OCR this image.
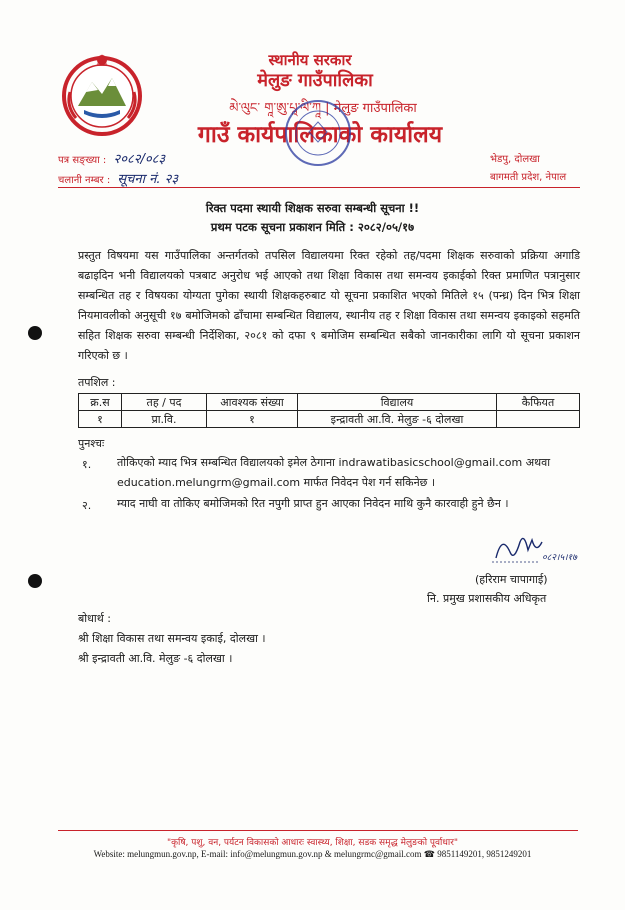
स्थानीय सरकार
मेलुङ गाउँपालिका
མེ་ལུང་ གཱ་ཨུ་པཱ་ལི་ཀཱ | मेलुङ गाउँपालिका
गाउँ कार्यपालिकाको कार्यालय
पत्र सङ्ख्या : २०८२/०८३
चलानी नम्बर : सूचना नं. २३
भेडपु, दोलखा
बागमती प्रदेश, नेपाल
रिक्त पदमा स्थायी शिक्षक सरुवा सम्बन्धी सूचना !!
प्रथम पटक सूचना प्रकाशन मिति : २०८२/०५/१७
प्रस्तुत विषयमा यस गाउँपालिका अन्तर्गतको तपसिल विद्यालयमा रिक्त रहेको तह/पदमा शिक्षक सरुवाको प्रक्रिया अगाडि बढाइदिन भनी विद्यालयको पत्रबाट अनुरोध भई आएको तथा शिक्षा विकास तथा समन्वय इकाईको रिक्त प्रमाणित पत्रानुसार सम्बन्धित तह र विषयका योग्यता पुगेका स्थायी शिक्षकहरुबाट यो सूचना प्रकाशित भएको मितिले १५ (पन्ध्र) दिन भित्र शिक्षा नियमावलीको अनुसूची १७ बमोजिमको ढाँचामा सम्बन्धित विद्यालय, स्थानीय तह र शिक्षा विकास तथा समन्वय इकाइको सहमति सहित शिक्षक सरुवा सम्बन्धी निर्देशिका, २०८१ को दफा ९ बमोजिम सम्बन्धित सबैको जानकारीका लागि यो सूचना प्रकाशन गरिएको छ ।
तपशिल :
क्र.स	तह / पद	आवश्यक संख्या	विद्यालय	कैफियत
१	प्रा.वि.	१	इन्द्रावती आ.वि. मेलुङ -६ दोलखा	
पुनश्चः
१. तोकिएको म्याद भित्र सम्बन्धित विद्यालयको इमेल ठेगाना indrawatibasicschool@gmail.com अथवा
education.melungrm@gmail.com मार्फत निवेदन पेश गर्न सकिनेछ ।
२. म्याद नाघी वा तोकिए बमोजिमको रित नपुगी प्राप्त हुन आएका निवेदन माथि कुनै कारवाही हुने छैन ।
०८२।५।१७
(हरिराम चापागाई)
नि. प्रमुख प्रशासकीय अधिकृत
बोधार्थ :
श्री शिक्षा विकास तथा समन्वय इकाई, दोलखा ।
श्री इन्द्रावती आ.वि. मेलुङ -६ दोलखा ।
"कृषि, पशु, वन, पर्यटन विकासको आधारः स्वास्थ्य, शिक्षा, सडक समृद्ध मेलुङको पूर्वाधार"
Website: melungmun.gov.np, E-mail: info@melungmun.gov.np & melungrmc@gmail.com ☎ 9851149201, 9851249201
